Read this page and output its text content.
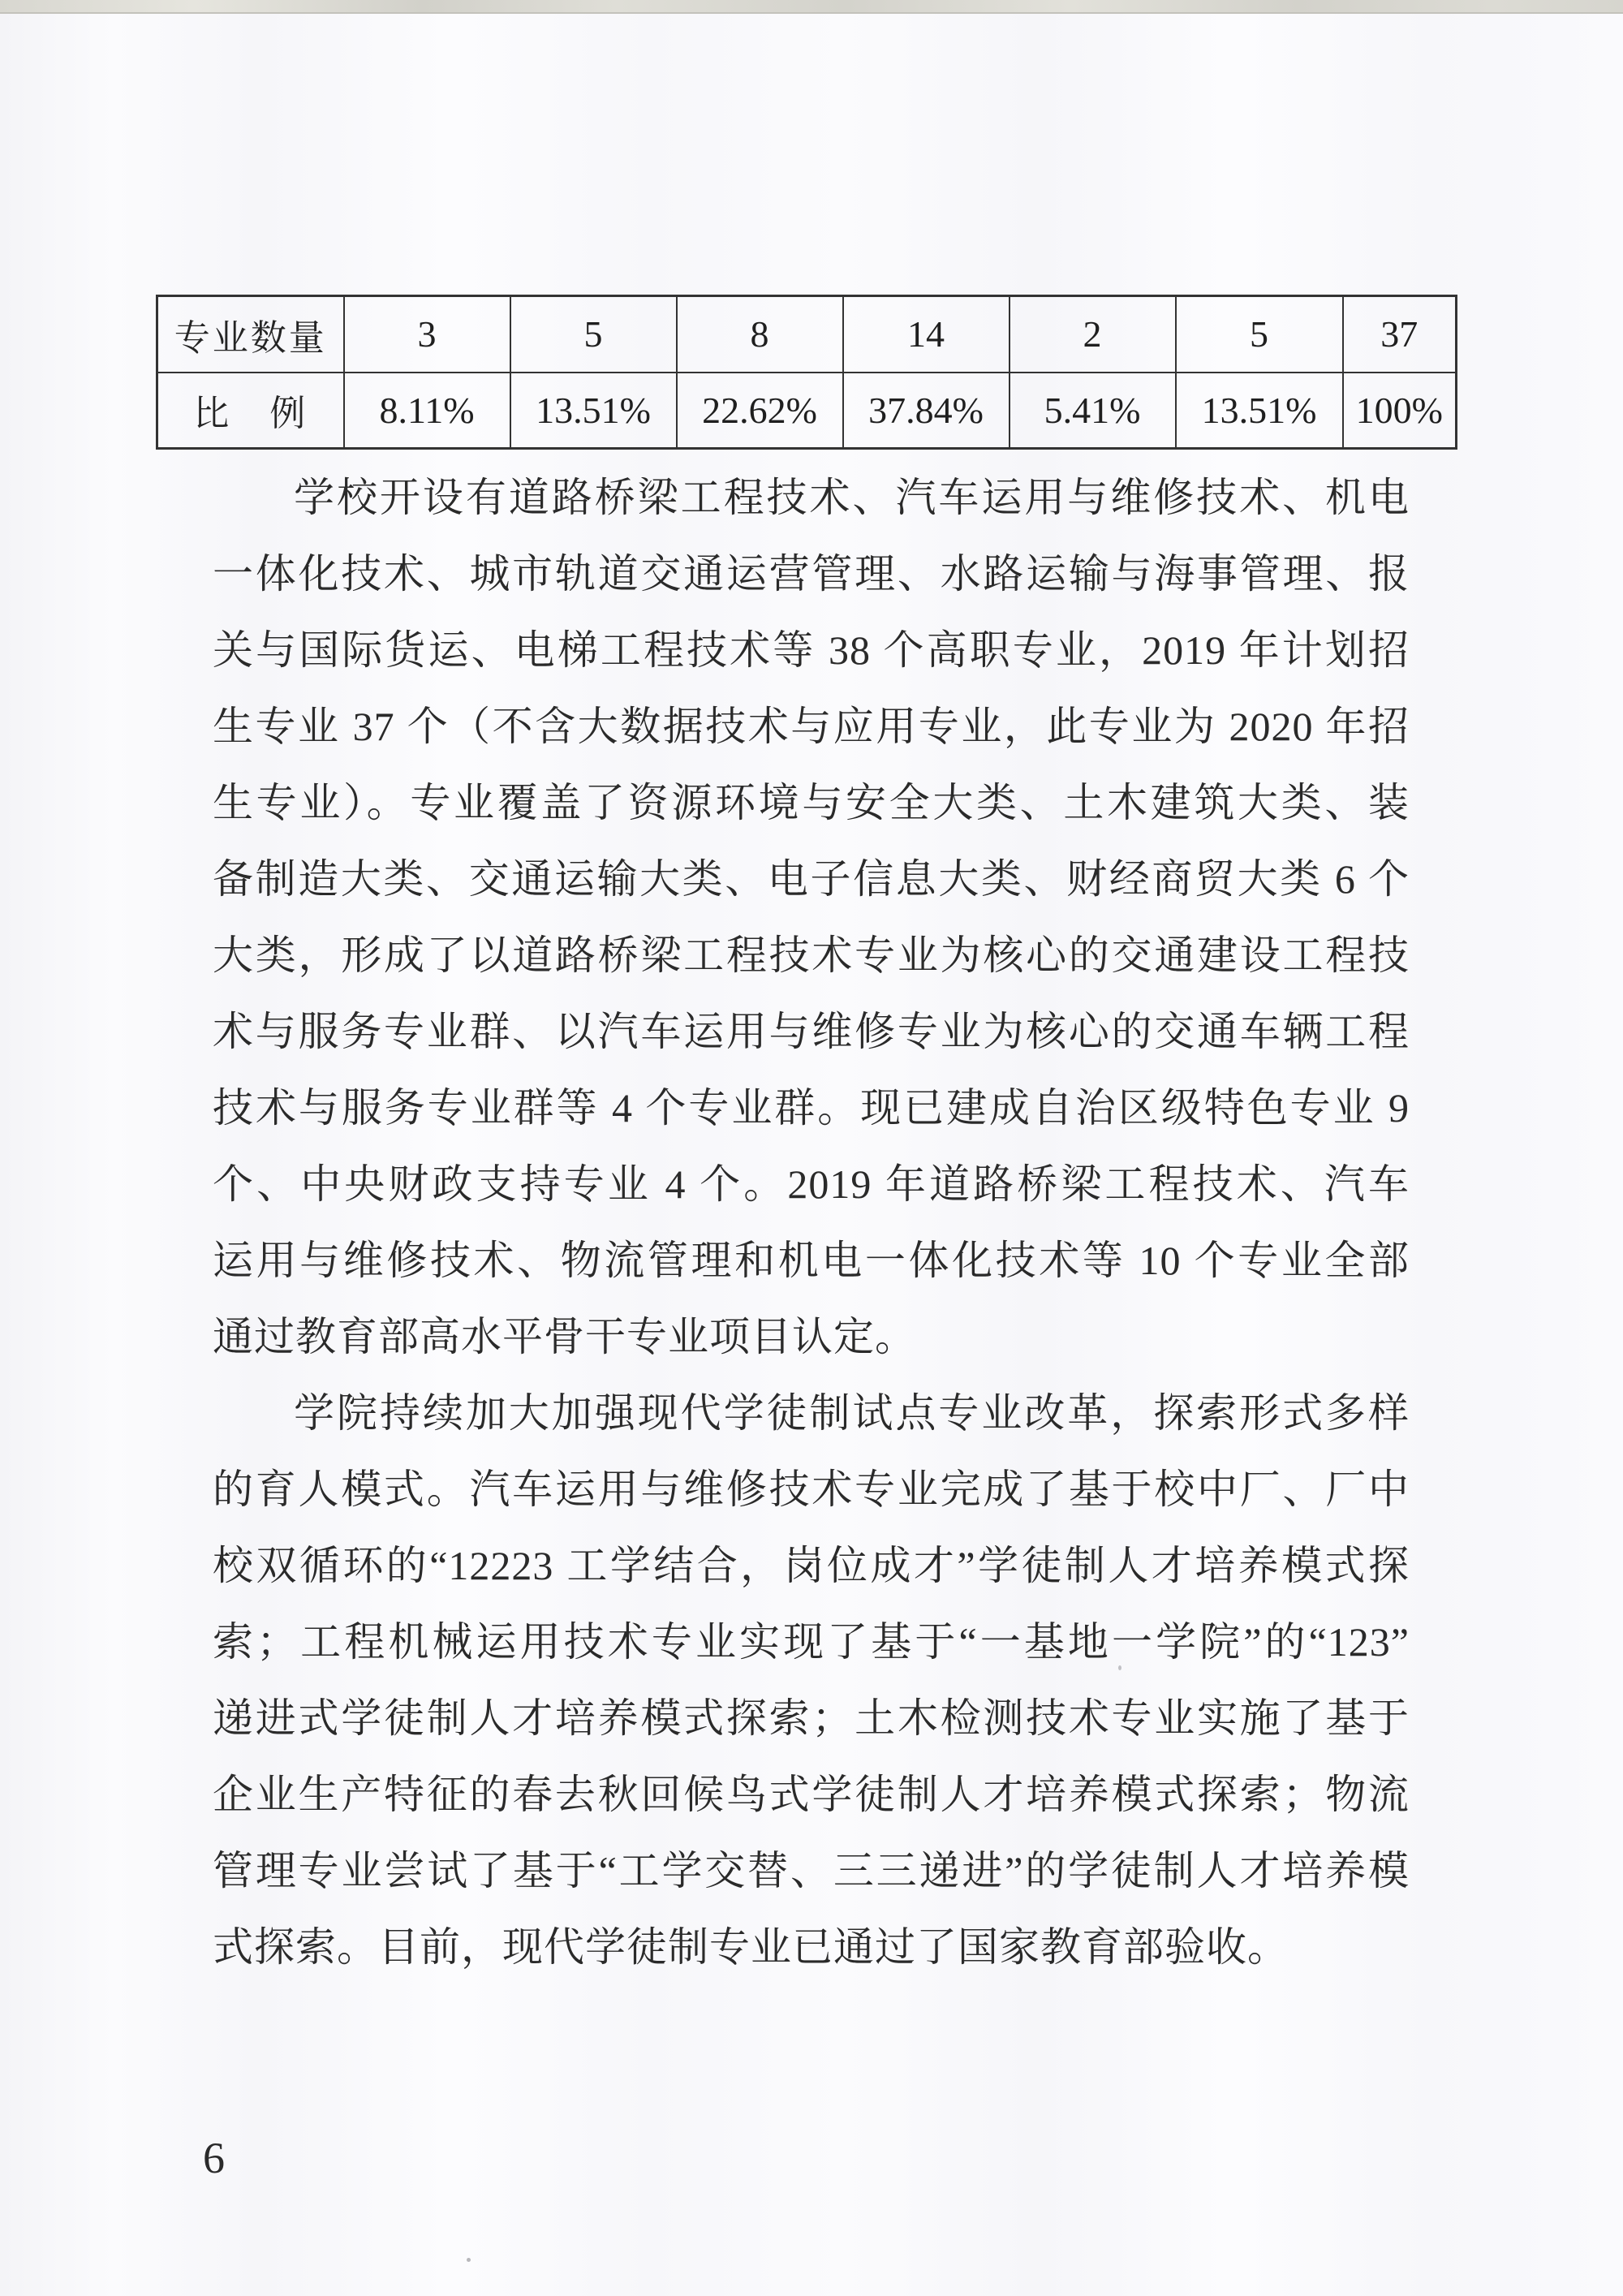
专业数量	3	5	8	14	2	5	37
比　例	8.11%	13.51%	22.62%	37.84%	5.41%	13.51%	100%
学校开设有道路桥梁工程技术、汽车运用与维修技术、机电
一体化技术、城市轨道交通运营管理、水路运输与海事管理、报
关与国际货运、电梯工程技术等 38 个高职专业，2019 年计划招
生专业 37 个（不含大数据技术与应用专业，此专业为 2020 年招
生专业）。专业覆盖了资源环境与安全大类、土木建筑大类、装
备制造大类、交通运输大类、电子信息大类、财经商贸大类 6 个
大类，形成了以道路桥梁工程技术专业为核心的交通建设工程技
术与服务专业群、以汽车运用与维修专业为核心的交通车辆工程
技术与服务专业群等 4 个专业群。现已建成自治区级特色专业 9
个、中央财政支持专业 4 个。2019 年道路桥梁工程技术、汽车
运用与维修技术、物流管理和机电一体化技术等 10 个专业全部
通过教育部高水平骨干专业项目认定。
学院持续加大加强现代学徒制试点专业改革，探索形式多样
的育人模式。汽车运用与维修技术专业完成了基于校中厂、厂中
校双循环的“12223 工学结合，岗位成才”学徒制人才培养模式探
索；工程机械运用技术专业实现了基于“一基地一学院”的“123”
递进式学徒制人才培养模式探索；土木检测技术专业实施了基于
企业生产特征的春去秋回候鸟式学徒制人才培养模式探索；物流
管理专业尝试了基于“工学交替、三三递进”的学徒制人才培养模
式探索。目前，现代学徒制专业已通过了国家教育部验收。
6
